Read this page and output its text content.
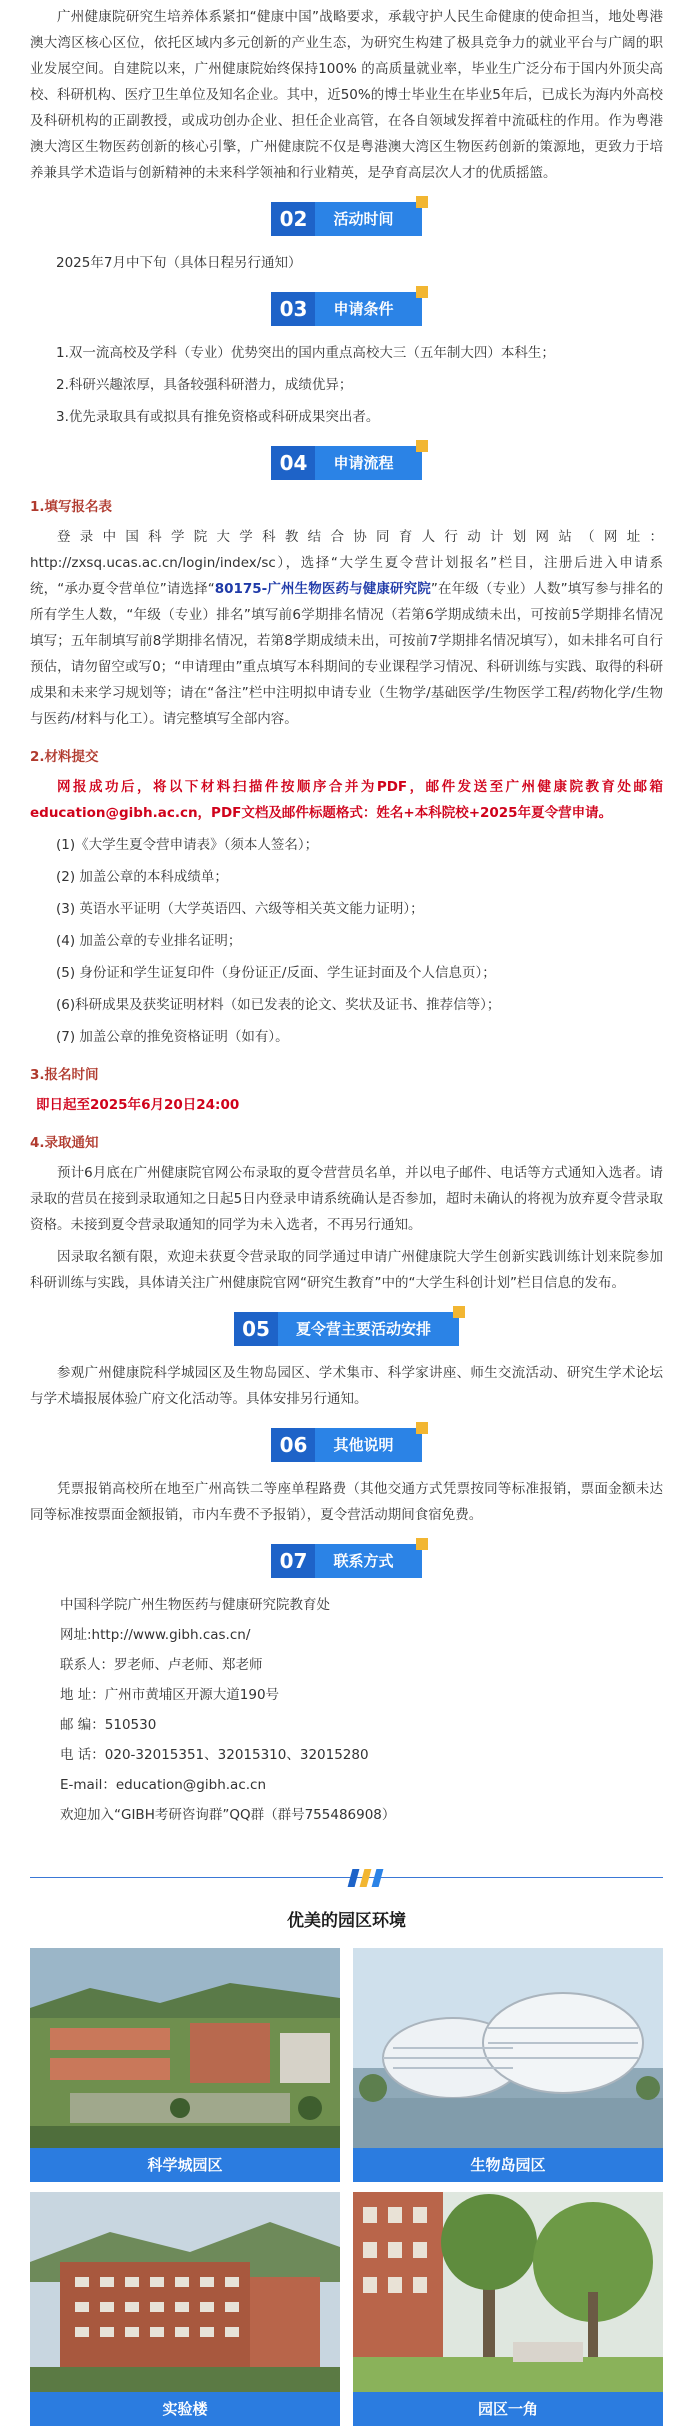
广州健康院研究生培养体系紧扣“健康中国”战略要求，承载守护人民生命健康的使命担当，地处粤港澳大湾区核心区位，依托区域内多元创新的产业生态，为研究生构建了极具竞争力的就业平台与广阔的职业发展空间。自建院以来，广州健康院始终保持100% 的高质量就业率，毕业生广泛分布于国内外顶尖高校、科研机构、医疗卫生单位及知名企业。其中，近50%的博士毕业生在毕业5年后，已成长为海内外高校及科研机构的正副教授，或成功创办企业、担任企业高管，在各自领域发挥着中流砥柱的作用。作为粤港澳大湾区生物医药创新的核心引擎，广州健康院不仅是粤港澳大湾区生物医药创新的策源地，更致力于培养兼具学术造诣与创新精神的未来科学领袖和行业精英，是孕育高层次人才的优质摇篮。

02	活动时间

2025年7月中下旬（具体日程另行通知）

03	申请条件

1.双一流高校及学科（专业）优势突出的国内重点高校大三（五年制大四）本科生；

2.科研兴趣浓厚，具备较强科研潜力，成绩优异；

3.优先录取具有或拟具有推免资格或科研成果突出者。

04	申请流程

1.填写报名表

登录中国科学院大学科教结合协同育人行动计划网站（网址：http://zxsq.ucas.ac.cn/login/index/sc），选择“大学生夏令营计划报名”栏目，注册后进入申请系统，“承办夏令营单位”请选择“80175-广州生物医药与健康研究院”在年级（专业）人数”填写参与排名的所有学生人数，“年级（专业）排名”填写前6学期排名情况（若第6学期成绩未出，可按前5学期排名情况填写；五年制填写前8学期排名情况，若第8学期成绩未出，可按前7学期排名情况填写），如未排名可自行预估，请勿留空或写0；“申请理由”重点填写本科期间的专业课程学习情况、科研训练与实践、取得的科研成果和未来学习规划等；请在“备注”栏中注明拟申请专业（生物学/基础医学/生物医学工程/药物化学/生物与医药/材料与化工）。请完整填写全部内容。

2.材料提交

网报成功后，将以下材料扫描件按顺序合并为PDF，邮件发送至广州健康院教育处邮箱education@gibh.ac.cn，PDF文档及邮件标题格式：姓名+本科院校+2025年夏令营申请。

(1)《大学生夏令营申请表》（须本人签名）；

(2) 加盖公章的本科成绩单；

(3) 英语水平证明（大学英语四、六级等相关英文能力证明）；

(4) 加盖公章的专业排名证明；

(5) 身份证和学生证复印件（身份证正/反面、学生证封面及个人信息页）；

(6)科研成果及获奖证明材料（如已发表的论文、奖状及证书、推荐信等）；

(7) 加盖公章的推免资格证明（如有）。

3.报名时间

即日起至2025年6月20日24:00

4.录取通知

预计6月底在广州健康院官网公布录取的夏令营营员名单，并以电子邮件、电话等方式通知入选者。请录取的营员在接到录取通知之日起5日内登录申请系统确认是否参加，超时未确认的将视为放弃夏令营录取资格。未接到夏令营录取通知的同学为未入选者，不再另行通知。

因录取名额有限，欢迎未获夏令营录取的同学通过申请广州健康院大学生创新实践训练计划来院参加科研训练与实践，具体请关注广州健康院官网“研究生教育”中的“大学生科创计划”栏目信息的发布。

05	夏令营主要活动安排

参观广州健康院科学城园区及生物岛园区、学术集市、科学家讲座、师生交流活动、研究生学术论坛与学术墙报展体验广府文化活动等。具体安排另行通知。

06	其他说明

凭票报销高校所在地至广州高铁二等座单程路费（其他交通方式凭票按同等标准报销，票面金额未达同等标准按票面金额报销，市内车费不予报销），夏令营活动期间食宿免费。

07	联系方式

中国科学院广州生物医药与健康研究院教育处

网址:http://www.gibh.cas.cn/

联系人：罗老师、卢老师、郑老师

地 址：广州市黄埔区开源大道190号

邮 编：510530

电 话：020-32015351、32015310、32015280

E-mail：education@gibh.ac.cn

欢迎加入“GIBH考研咨询群”QQ群（群号755486908）

优美的园区环境
科学城园区	生物岛园区
实验楼	园区一角
